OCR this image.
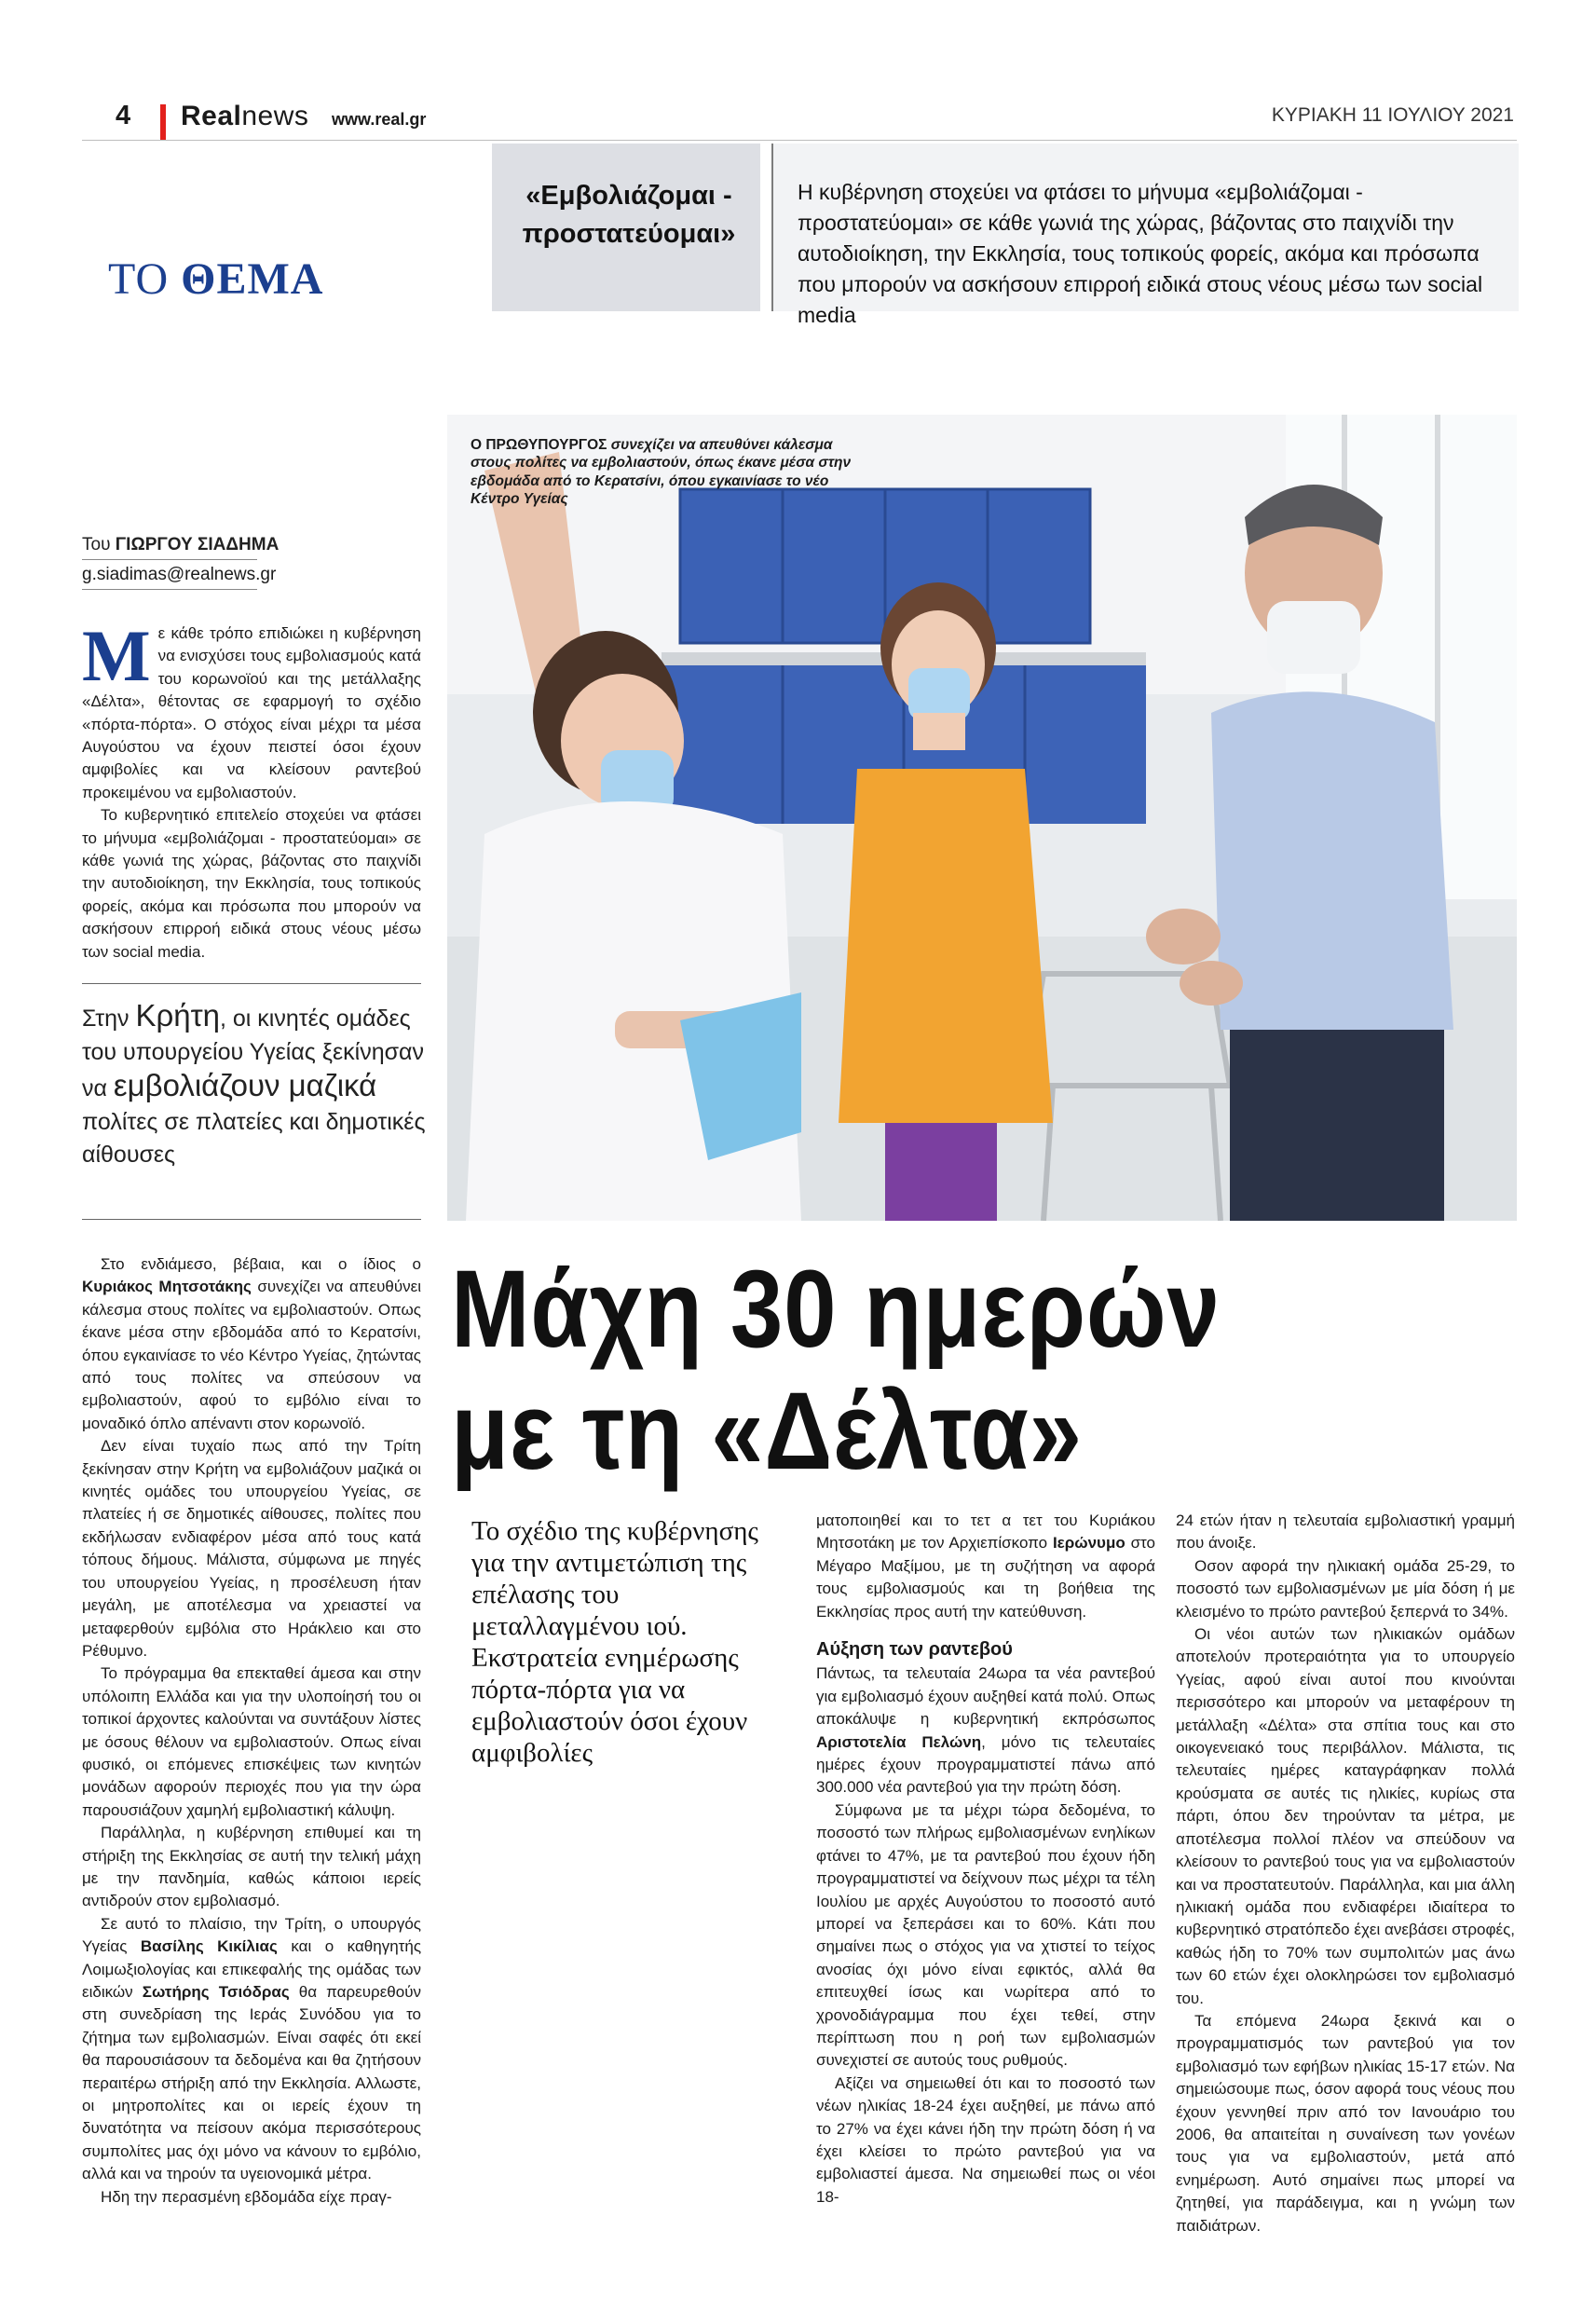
4 Realnews www.real.gr	ΚΥΡΙΑΚΗ 11 ΙΟΥΛΙΟΥ 2021
ΤΟ ΘΕΜΑ
«Εμβολιάζομαι - προστατεύομαι»
Η κυβέρνηση στοχεύει να φτάσει το μήνυμα «εμβολιάζομαι - προστατεύομαι» σε κάθε γωνιά της χώρας, βάζοντας στο παιχνίδι την αυτοδιοίκηση, την Εκκλησία, τους τοπικούς φορείς, ακόμα και πρόσωπα που μπορούν να ασκήσουν επιρροή ειδικά στους νέους μέσω των social media
Του ΓΙΩΡΓΟΥ ΣΙΑΔΗΜΑ
g.siadimas@realnews.gr

Με κάθε τρόπο επιδιώκει η κυβέρνηση να ενισχύσει τους εμβολιασμούς κατά του κορωνοϊού και της μετάλλαξης «Δέλτα», θέτοντας σε εφαρμογή το σχέδιο «πόρτα-πόρτα». Ο στόχος είναι μέχρι τα μέσα Αυγούστου να έχουν πειστεί όσοι έχουν αμφιβολίες και να κλείσουν ραντεβού προκειμένου να εμβολιαστούν.

Το κυβερνητικό επιτελείο στοχεύει να φτάσει το μήνυμα «εμβολιάζομαι - προστατεύομαι» σε κάθε γωνιά της χώρας, βάζοντας στο παιχνίδι την αυτοδιοίκηση, την Εκκλησία, τους τοπικούς φορείς, ακόμα και πρόσωπα που μπορούν να ασκήσουν επιρροή ειδικά στους νέους μέσω των social media.

Στην Κρήτη, οι κινητές ομάδες του υπουργείου Υγείας ξεκίνησαν να εμβολιάζουν μαζικά πολίτες σε πλατείες και δημοτικές αίθουσες
Ο ΠΡΩΘΥΠΟΥΡΓΟΣ συνεχίζει να απευθύνει κάλεσμα στους πολίτες να εμβολιαστούν, όπως έκανε μέσα στην εβδομάδα από το Κερατσίνι, όπου εγκαινίασε το νέο Κέντρο Υγείας
Μάχη 30 ημερών
με τη «Δέλτα»
Το σχέδιο της κυβέρνησης για την αντιμετώπιση της επέλασης του μεταλλαγμένου ιού. Εκστρατεία ενημέρωσης πόρτα-πόρτα για να εμβολιαστούν όσοι έχουν αμφιβολίες

Στο ενδιάμεσο, βέβαια, και ο ίδιος ο Κυριάκος Μητσοτάκης συνεχίζει να απευθύνει κάλεσμα στους πολίτες να εμβολιαστούν. Οπως έκανε μέσα στην εβδομάδα από το Κερατσίνι, όπου εγκαινίασε το νέο Κέντρο Υγείας, ζητώντας από τους πολίτες να σπεύσουν να εμβολιαστούν, αφού το εμβόλιο είναι το μοναδικό όπλο απέναντι στον κορωνοϊό.

Δεν είναι τυχαίο πως από την Τρίτη ξεκίνησαν στην Κρήτη να εμβολιάζουν μαζικά οι κινητές ομάδες του υπουργείου Υγείας, σε πλατείες ή σε δημοτικές αίθουσες, πολίτες που εκδήλωσαν ενδιαφέρον μέσα από τους κατά τόπους δήμους. Μάλιστα, σύμφωνα με πηγές του υπουργείου Υγείας, η προσέλευση ήταν μεγάλη, με αποτέλεσμα να χρειαστεί να μεταφερθούν εμβόλια στο Ηράκλειο και στο Ρέθυμνο.

Το πρόγραμμα θα επεκταθεί άμεσα και στην υπόλοιπη Ελλάδα και για την υλοποίησή του οι τοπικοί άρχοντες καλούνται να συντάξουν λίστες με όσους θέλουν να εμβολιαστούν. Οπως είναι φυσικό, οι επόμενες επισκέψεις των κινητών μονάδων αφορούν περιοχές που για την ώρα παρουσιάζουν χαμηλή εμβολιαστική κάλυψη.

Παράλληλα, η κυβέρνηση επιθυμεί και τη στήριξη της Εκκλησίας σε αυτή την τελική μάχη με την πανδημία, καθώς κάποιοι ιερείς αντιδρούν στον εμβολιασμό.

Σε αυτό το πλαίσιο, την Τρίτη, ο υπουργός Υγείας Βασίλης Κικίλιας και ο καθηγητής Λοιμωξιολογίας και επικεφαλής της ομάδας των ειδικών Σωτήρης Τσιόδρας θα παρευρεθούν στη συνεδρίαση της Ιεράς Συνόδου για το ζήτημα των εμβολιασμών. Είναι σαφές ότι εκεί θα παρουσιάσουν τα δεδομένα και θα ζητήσουν περαιτέρω στήριξη από την Εκκλησία. Αλλωστε, οι μητροπολίτες και οι ιερείς έχουν τη δυνατότητα να πείσουν ακόμα περισσότερους συμπολίτες μας όχι μόνο να κάνουν το εμβόλιο, αλλά και να τηρούν τα υγειονομικά μέτρα.

Ηδη την περασμένη εβδομάδα είχε πραγ-

ματοποιηθεί και το τετ α τετ του Κυριάκου Μητσοτάκη με τον Αρχιεπίσκοπο Ιερώνυμο στο Μέγαρο Μαξίμου, με τη συζήτηση να αφορά τους εμβολιασμούς και τη βοήθεια της Εκκλησίας προς αυτή την κατεύθυνση.

Αύξηση των ραντεβού

Πάντως, τα τελευταία 24ωρα τα νέα ραντεβού για εμβολιασμό έχουν αυξηθεί κατά πολύ. Οπως αποκάλυψε η κυβερνητική εκπρόσωπος Αριστοτελία Πελώνη, μόνο τις τελευταίες ημέρες έχουν προγραμματιστεί πάνω από 300.000 νέα ραντεβού για την πρώτη δόση.

Σύμφωνα με τα μέχρι τώρα δεδομένα, το ποσοστό των πλήρως εμβολιασμένων ενηλίκων φτάνει το 47%, με τα ραντεβού που έχουν ήδη προγραμματιστεί να δείχνουν πως μέχρι τα τέλη Ιουλίου με αρχές Αυγούστου το ποσοστό αυτό μπορεί να ξεπεράσει και το 60%. Κάτι που σημαίνει πως ο στόχος για να χτιστεί το τείχος ανοσίας όχι μόνο είναι εφικτός, αλλά θα επιτευχθεί ίσως και νωρίτερα από το χρονοδιάγραμμα που έχει τεθεί, στην περίπτωση που η ροή των εμβολιασμών συνεχιστεί σε αυτούς τους ρυθμούς.

Αξίζει να σημειωθεί ότι και το ποσοστό των νέων ηλικίας 18-24 έχει αυξηθεί, με πάνω από το 27% να έχει κάνει ήδη την πρώτη δόση ή να έχει κλείσει το πρώτο ραντεβού για να εμβολιαστεί άμεσα. Να σημειωθεί πως οι νέοι 18-

24 ετών ήταν η τελευταία εμβολιαστική γραμμή που άνοιξε.

Οσον αφορά την ηλικιακή ομάδα 25-29, το ποσοστό των εμβολιασμένων με μία δόση ή με κλεισμένο το πρώτο ραντεβού ξεπερνά το 34%.

Οι νέοι αυτών των ηλικιακών ομάδων αποτελούν προτεραιότητα για το υπουργείο Υγείας, αφού είναι αυτοί που κινούνται περισσότερο και μπορούν να μεταφέρουν τη μετάλλαξη «Δέλτα» στα σπίτια τους και στο οικογενειακό τους περιβάλλον. Μάλιστα, τις τελευταίες ημέρες καταγράφηκαν πολλά κρούσματα σε αυτές τις ηλικίες, κυρίως στα πάρτι, όπου δεν τηρούνταν τα μέτρα, με αποτέλεσμα πολλοί πλέον να σπεύδουν να κλείσουν το ραντεβού τους για να εμβολιαστούν και να προστατευτούν. Παράλληλα, και μια άλλη ηλικιακή ομάδα που ενδιαφέρει ιδιαίτερα το κυβερνητικό στρατόπεδο έχει ανεβάσει στροφές, καθώς ήδη το 70% των συμπολιτών μας άνω των 60 ετών έχει ολοκληρώσει τον εμβολιασμό του.

Τα επόμενα 24ωρα ξεκινά και ο προγραμματισμός των ραντεβού για τον εμβολιασμό των εφήβων ηλικίας 15-17 ετών. Να σημειώσουμε πως, όσον αφορά τους νέους που έχουν γεννηθεί πριν από τον Ιανουάριο του 2006, θα απαιτείται η συναίνεση των γονέων τους για να εμβολιαστούν, μετά από ενημέρωση. Αυτό σημαίνει πως μπορεί να ζητηθεί, για παράδειγμα, και η γνώμη των παιδιάτρων.
